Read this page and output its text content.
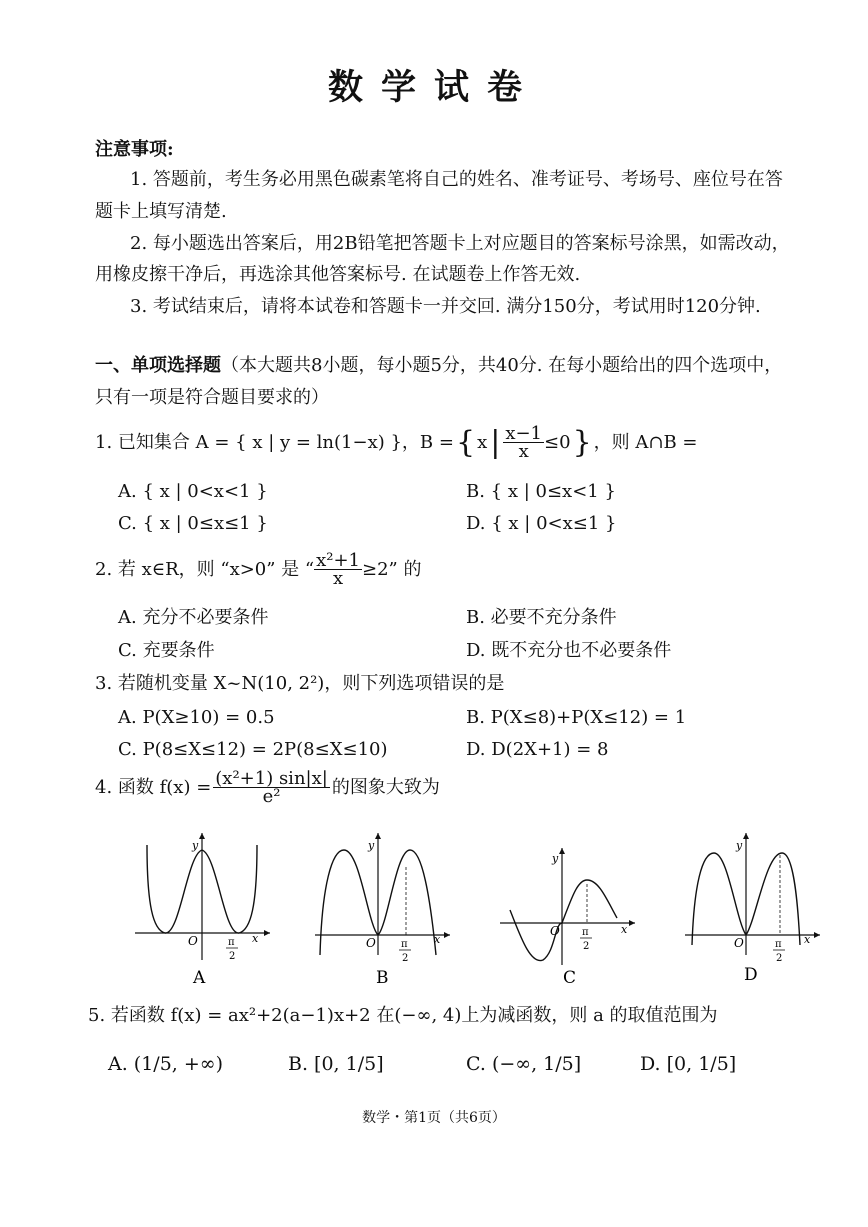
数学试卷
注意事项:
1. 答题前，考生务必用黑色碳素笔将自己的姓名、准考证号、考场号、座位号在答
题卡上填写清楚.
2. 每小题选出答案后，用2B铅笔把答题卡上对应题目的答案标号涂黑，如需改动，
用橡皮擦干净后，再选涂其他答案标号. 在试题卷上作答无效.
3. 考试结束后，请将本试卷和答题卡一并交回. 满分150分，考试用时120分钟.
一、单项选择题（本大题共8小题，每小题5分，共40分. 在每小题给出的四个选项中，
只有一项是符合题目要求的）
1. 已知集合 A = { x | y = ln(1−x) }，B = { x | $\frac{x-1}{x} \le 0$ } ，则 A∩B =
A. { x | 0<x<1 }	B. { x | 0≤x<1 }
C. { x | 0≤x≤1 }	D. { x | 0<x≤1 }
2. 若 x∈R，则 “x>0” 是 “ $\frac{\text{x²+1}}{x} \ge 2$” 的
A. 充分不必要条件	B. 必要不充分条件
C. 充要条件	D. 既不充分也不必要条件
3. 若随机变量 X~N(10, 2²)，则下列选项错误的是
A. P(X≥10) = 0.5	B. P(X≤8)+P(X≤12) = 1
C. P(8≤X≤12) = 2P(8≤X≤10)	D. D(2X+1) = 8
4. 函数 $f(x) = \frac{\text{(x²+1) sin|x|}}{\text{e²}}$ 的图象大致为
y
x
O	π
2
A
y
x
O	π
2
B
y
x
O π
2
C
y
x
O	π
2
D
5. 若函数 f(x) = ax²+2(a−1)x+2 在(−∞, 4)上为减函数，则 a 的取值范围为
A. (1/5, +∞)	B. [0, 1/5]	C. (−∞, 1/5]	D. [0, 1/5]
数学・第1页（共6页）
